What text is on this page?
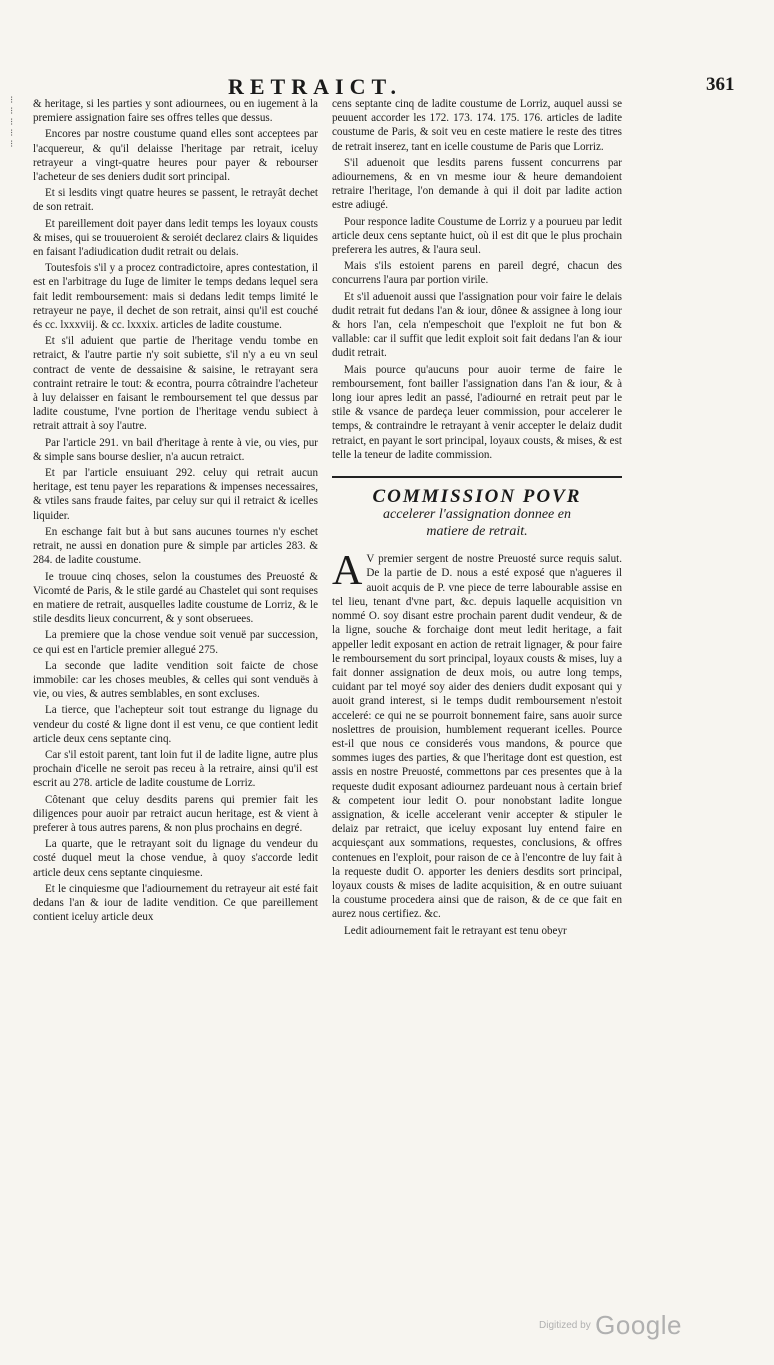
RETRAICT.	361
⁝
⁝
⁝
⁝
⁝

& heritage, si les parties y sont adiournees, ou en iugement à la premiere assignation faire ses offres telles que dessus.

Encores par nostre coustume quand elles sont acceptees par l'acquereur, & qu'il delaisse l'heritage par retrait, iceluy retrayeur a vingt-quatre heures pour payer & rebourser l'acheteur de ses deniers dudit sort principal.

Et si lesdits vingt quatre heures se passent, le retrayât dechet de son retrait.

Et pareillement doit payer dans ledit temps les loyaux cousts & mises, qui se trouueroient & seroiét declarez clairs & liquides en faisant l'adiudication dudit retrait ou delais.

Toutesfois s'il y a procez contradictoire, apres contestation, il est en l'arbitrage du Iuge de limiter le temps dedans lequel sera fait ledit remboursement: mais si dedans ledit temps limité le retrayeur ne paye, il dechet de son retrait, ainsi qu'il est couché és cc. lxxxviij. & cc. lxxxix. articles de ladite coustume.

Et s'il aduient que partie de l'heritage vendu tombe en retraict, & l'autre partie n'y soit subiette, s'il n'y a eu vn seul contract de vente de dessaisine & saisine, le retrayant sera contraint retraire le tout: & econtra, pourra côtraindre l'acheteur à luy delaisser en faisant le remboursement tel que dessus par ladite coustume, l'vne portion de l'heritage vendu subiect à retrait attrait à soy l'autre.

Par l'article 291. vn bail d'heritage à rente à vie, ou vies, pur & simple sans bourse deslier, n'a aucun retraict.

Et par l'article ensuiuant 292. celuy qui retrait aucun heritage, est tenu payer les reparations & impenses necessaires, & vtiles sans fraude faites, par celuy sur qui il retraict & icelles liquider.

En eschange fait but à but sans aucunes tournes n'y eschet retrait, ne aussi en donation pure & simple par articles 283. & 284. de ladite coustume.

Ie trouue cinq choses, selon la coustumes des Preuosté & Vicomté de Paris, & le stile gardé au Chastelet qui sont requises en matiere de retrait, ausquelles ladite coustume de Lorriz, & le stile desdits lieux concurrent, & y sont obseruees.

La premiere que la chose vendue soit venuë par succession, ce qui est en l'article premier allegué 275.

La seconde que ladite vendition soit faicte de chose immobile: car les choses meubles, & celles qui sont venduës à vie, ou vies, & autres semblables, en sont excluses.

La tierce, que l'achepteur soit tout estrange du lignage du vendeur du costé & ligne dont il est venu, ce que contient ledit article deux cens septante cinq.

Car s'il estoit parent, tant loin fut il de ladite ligne, autre plus prochain d'icelle ne seroit pas receu à la retraire, ainsi qu'il est escrit au 278. article de ladite coustume de Lorriz.

Côtenant que celuy desdits parens qui premier fait les diligences pour auoir par retraict aucun heritage, est & vient à preferer à tous autres parens, & non plus prochains en degré.

La quarte, que le retrayant soit du lignage du vendeur du costé duquel meut la chose vendue, à quoy s'accorde ledit article deux cens septante cinquiesme.

Et le cinquiesme que l'adiournement du retrayeur ait esté fait dedans l'an & iour de ladite vendition. Ce que pareillement contient iceluy article deux

cens septante cinq de ladite coustume de Lorriz, auquel aussi se peuuent accorder les 172. 173. 174. 175. 176. articles de ladite coustume de Paris, & soit veu en ceste matiere le reste des titres de retrait inserez, tant en icelle coustume de Paris que Lorriz.

S'il aduenoit que lesdits parens fussent concurrens par adiournemens, & en vn mesme iour & heure demandoient retraire l'heritage, l'on demande à qui il doit par ladite action estre adiugé.

Pour responce ladite Coustume de Lorriz y a pourueu par ledit article deux cens septante huict, où il est dit que le plus prochain preferera les autres, & l'aura seul.

Mais s'ils estoient parens en pareil degré, chacun des concurrens l'aura par portion virile.

Et s'il aduenoit aussi que l'assignation pour voir faire le delais dudit retrait fut dedans l'an & iour, dônee & assignee à long iour & hors l'an, cela n'empeschoit que l'exploit ne fut bon & vallable: car il suffit que ledit exploit soit fait dedans l'an & iour dudit retrait.

Mais pource qu'aucuns pour auoir terme de faire le remboursement, font bailler l'assignation dans l'an & iour, & à long iour apres ledit an passé, l'adiourné en retrait peut par le stile & vsance de pardeça leuer commission, pour accelerer le temps, & contraindre le retrayant à venir accepter le delaiz dudit retraict, en payant le sort principal, loyaux cousts, & mises, & est telle la teneur de ladite commission.

COMMISSION POVR
accelerer l'assignation donnee en matiere de retrait.
A V premier sergent de nostre Preuosté surce requis salut. De la partie de D. nous a esté exposé que n'agueres il auoit acquis de P. vne piece de terre labourable assise en tel lieu, tenant d'vne part, &c. depuis laquelle acquisition vn nommé O. soy disant estre prochain parent dudit vendeur, & de la ligne, souche & forchaige dont meut ledit heritage, a fait appeller ledit exposant en action de retrait lignager, & pour faire le remboursement du sort principal, loyaux cousts & mises, luy a fait donner assignation de deux mois, ou autre long temps, cuidant par tel moyé soy aider des deniers dudit exposant qui y auoit grand interest, si le temps dudit remboursement n'estoit acceleré: ce qui ne se pourroit bonnement faire, sans auoir surce noslettres de prouision, humblement requerant icelles. Pource est-il que nous ce considerés vous mandons, & pource que sommes iuges des parties, & que l'heritage dont est question, est assis en nostre Preuosté, commettons par ces presentes que à la requeste dudit exposant adiournez pardeuant nous à certain brief & competent iour ledit O. pour nonobstant ladite longue assignation, & icelle accelerant venir accepter & stipuler le delaiz par retraict, que iceluy exposant luy entend faire en acquiesçant aux sommations, requestes, conclusions, & offres contenues en l'exploit, pour raison de ce à l'encontre de luy fait à la requeste dudit O. apporter les deniers desdits sort principal, loyaux cousts & mises de ladite acquisition, & en outre suiuant la coustume procedera ainsi que de raison, & de ce que fait en aurez nous certifiez. &c.

Ledit adiournement fait le retrayant est tenu obeyr

Digitized by Google
